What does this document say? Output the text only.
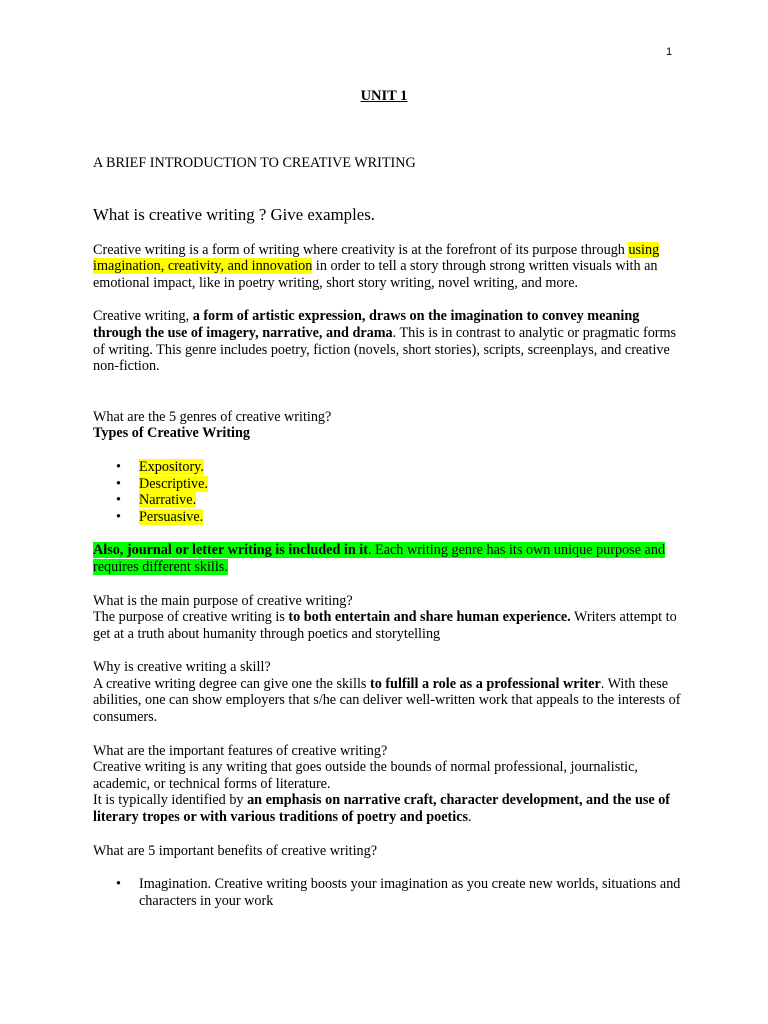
1
UNIT 1

A BRIEF INTRODUCTION TO CREATIVE WRITING

What is creative writing ? Give examples.

Creative writing is a form of writing where creativity is at the forefront of its purpose through using imagination, creativity, and innovation in order to tell a story through strong written visuals with an emotional impact, like in poetry writing, short story writing, novel writing, and more.

Creative writing, a form of artistic expression, draws on the imagination to convey meaning through the use of imagery, narrative, and drama. This is in contrast to analytic or pragmatic forms of writing. This genre includes poetry, fiction (novels, short stories), scripts, screenplays, and creative non-fiction.

What are the 5 genres of creative writing?

Types of Creative Writing

• Expository.
• Descriptive.
• Narrative.
• Persuasive.

Also, journal or letter writing is included in it. Each writing genre has its own unique purpose and requires different skills.

What is the main purpose of creative writing?

The purpose of creative writing is to both entertain and share human experience. Writers attempt to get at a truth about humanity through poetics and storytelling

Why is creative writing a skill?

A creative writing degree can give one the skills to fulfill a role as a professional writer. With these abilities, one can show employers that s/he can deliver well-written work that appeals to the interests of consumers.

What are the important features of creative writing?

Creative writing is any writing that goes outside the bounds of normal professional, journalistic, academic, or technical forms of literature.

It is typically identified by an emphasis on narrative craft, character development, and the use of literary tropes or with various traditions of poetry and poetics.

What are 5 important benefits of creative writing?

• Imagination. Creative writing boosts your imagination as you create new worlds, situations and characters in your work
